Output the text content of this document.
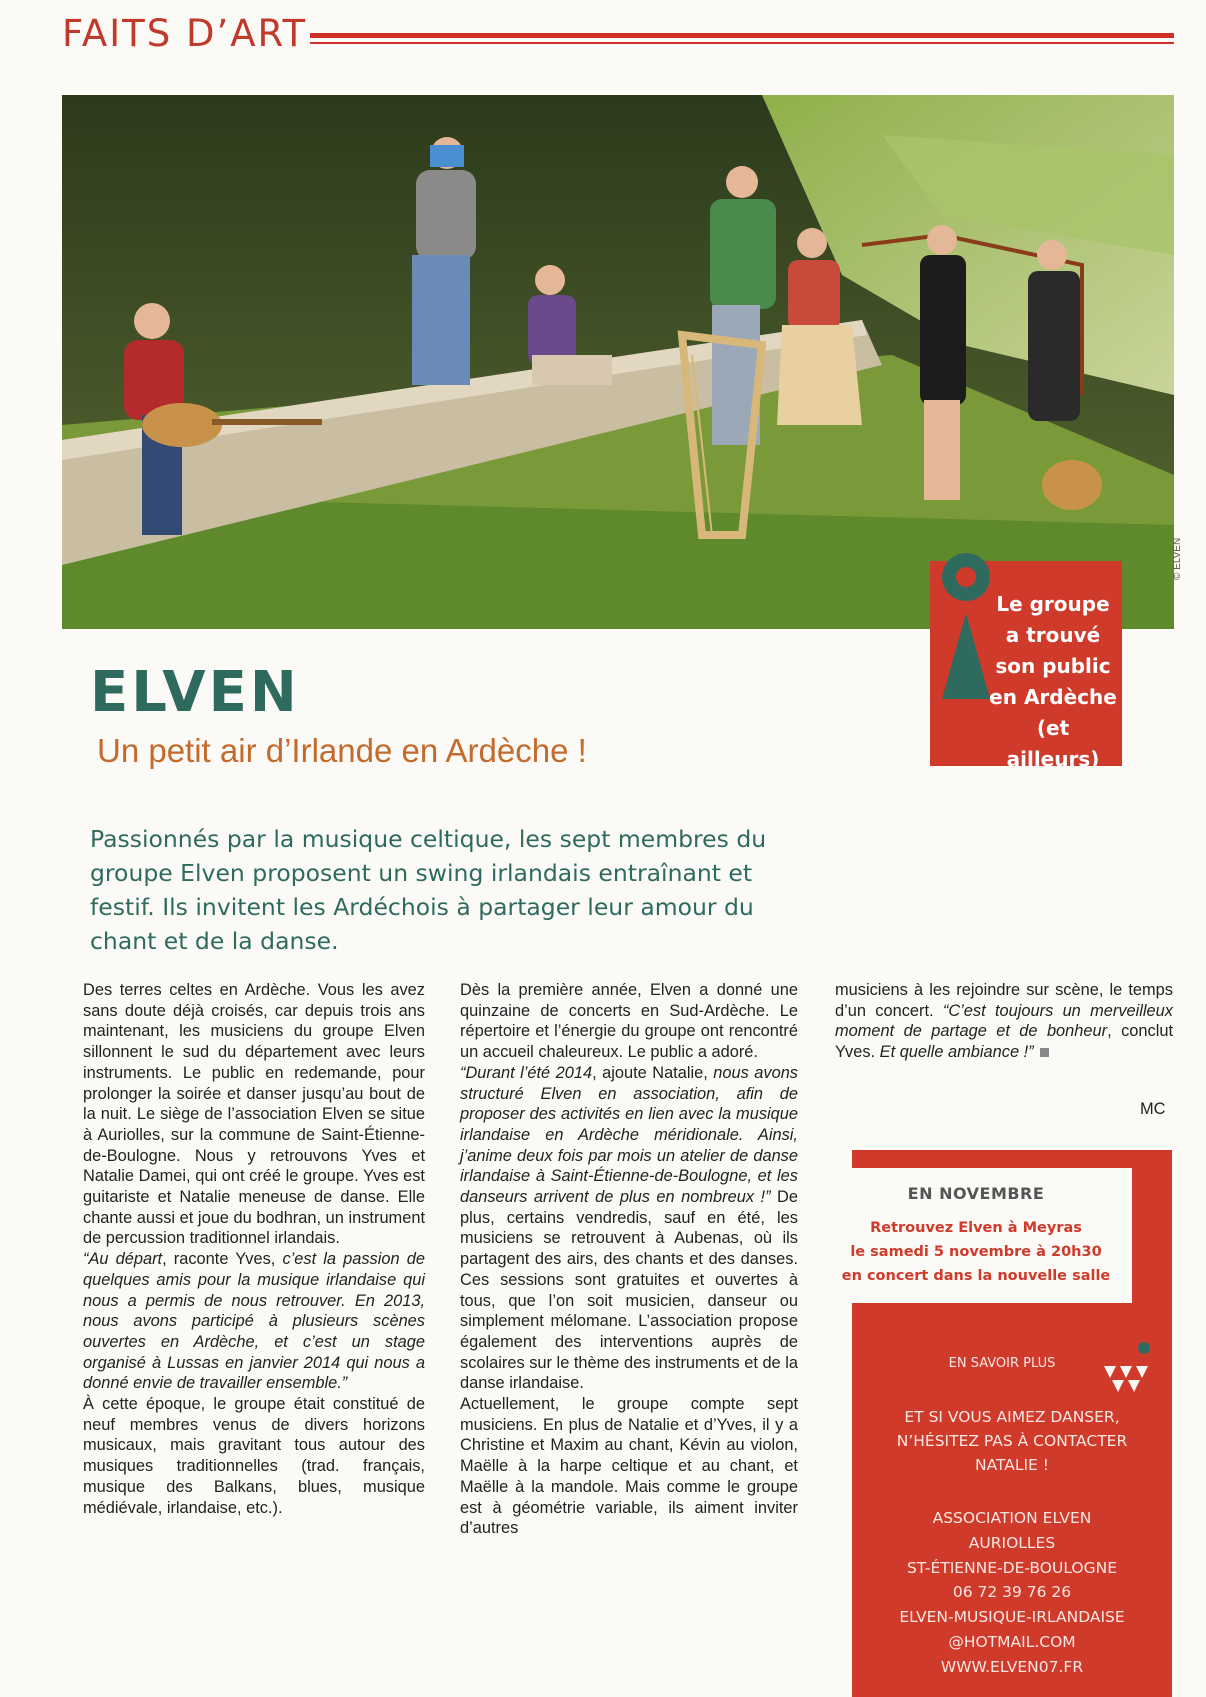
FAITS D’ART
© ELVEN
Le groupe
a trouvé
son public
en Ardèche
(et ailleurs)
ELVEN
Un petit air d’Irlande en Ardèche !
Passionnés par la musique celtique, les sept membres du groupe Elven proposent un swing irlandais entraînant et festif. Ils invitent les Ardéchois à partager leur amour du chant et de la danse.

Des terres celtes en Ardèche. Vous les avez sans doute déjà croisés, car depuis trois ans maintenant, les musiciens du groupe Elven sillonnent le sud du département avec leurs instruments. Le public en redemande, pour prolonger la soirée et danser jusqu’au bout de la nuit. Le siège de l’association Elven se situe à Auriolles, sur la commune de Saint-Étienne-de-Boulogne. Nous y retrouvons Yves et Natalie Damei, qui ont créé le groupe. Yves est guitariste et Natalie meneuse de danse. Elle chante aussi et joue du bodhran, un instrument de percussion traditionnel irlandais.

“Au départ, raconte Yves, c’est la passion de quelques amis pour la musique irlandaise qui nous a permis de nous retrouver. En 2013, nous avons participé à plusieurs scènes ouvertes en Ardèche, et c’est un stage organisé à Lussas en janvier 2014 qui nous a donné envie de travailler ensemble.”

À cette époque, le groupe était constitué de neuf membres venus de divers horizons musicaux, mais gravitant tous autour des musiques traditionnelles (trad. français, musique des Balkans, blues, musique médiévale, irlandaise, etc.).

Dès la première année, Elven a donné une quinzaine de concerts en Sud-Ardèche. Le répertoire et l’énergie du groupe ont rencontré un accueil chaleureux. Le public a adoré.

“Durant l’été 2014, ajoute Natalie, nous avons structuré Elven en association, afin de proposer des activités en lien avec la musique irlandaise en Ardèche méridionale. Ainsi, j’anime deux fois par mois un atelier de danse irlandaise à Saint-Étienne-de-Boulogne, et les danseurs arrivent de plus en nombreux !” De plus, certains vendredis, sauf en été, les musiciens se retrouvent à Aubenas, où ils partagent des airs, des chants et des danses. Ces sessions sont gratuites et ouvertes à tous, que l’on soit musicien, danseur ou simplement mélomane. L’association propose également des interventions auprès de scolaires sur le thème des instruments et de la danse irlandaise.

Actuellement, le groupe compte sept musiciens. En plus de Natalie et d’Yves, il y a Christine et Maxim au chant, Kévin au violon, Maëlle à la harpe celtique et au chant, et Maëlle à la mandole. Mais comme le groupe est à géométrie variable, ils aiment inviter d’autres

musiciens à les rejoindre sur scène, le temps d’un concert. “C’est toujours un merveilleux moment de partage et de bonheur, conclut Yves. Et quelle ambiance !”

MC
EN NOVEMBRE
Retrouvez Elven à Meyras
le samedi 5 novembre à 20h30
en concert dans la nouvelle salle
EN SAVOIR PLUS
ET SI VOUS AIMEZ DANSER,
N’HÉSITEZ PAS À CONTACTER
NATALIE !
ASSOCIATION ELVEN
AURIOLLES
ST-ÉTIENNE-DE-BOULOGNE
06 72 39 76 26
ELVEN-MUSIQUE-IRLANDAISE
@HOTMAIL.COM
WWW.ELVEN07.FR
